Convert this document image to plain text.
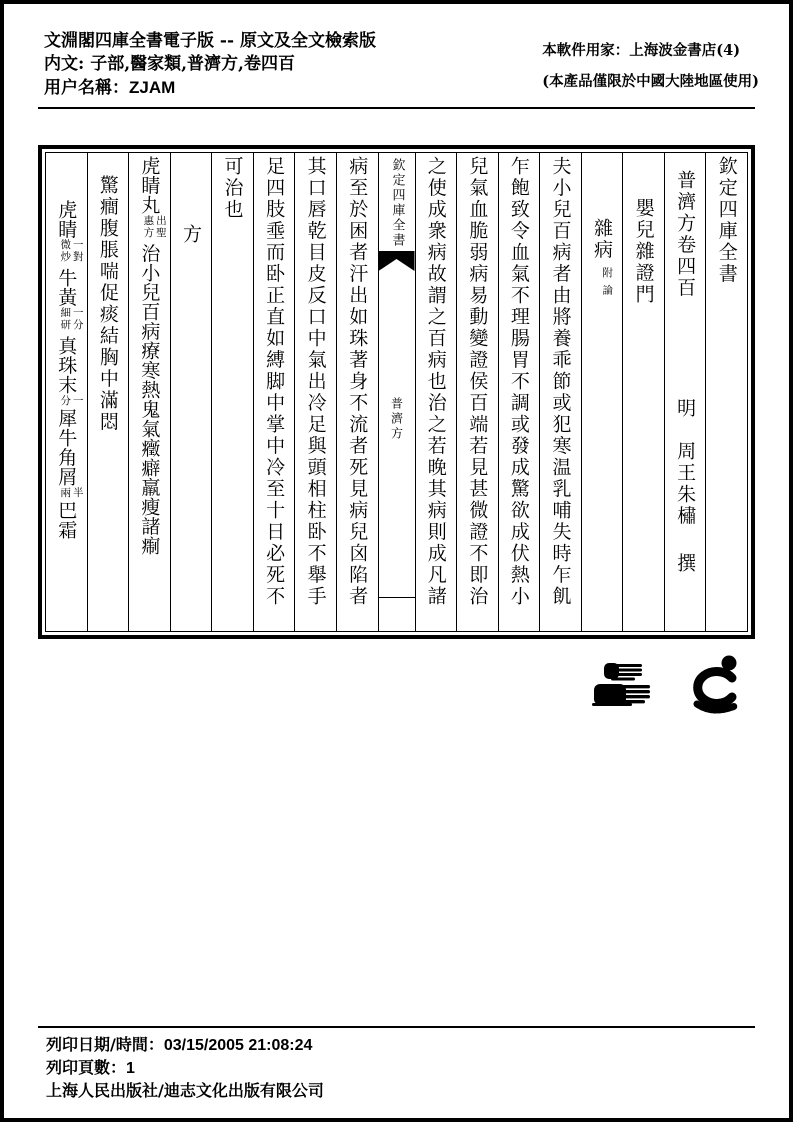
文淵閣四庫全書電子版 -- 原文及全文檢索版
内文: 子部,醫家類,普濟方,卷四百
用户名稱：ZJAM
本軟件用家：上海波金書店(4)
(本產品僅限於中國大陸地區使用)
欽定四庫全書
普濟方卷四百明周王朱橚撰
嬰兒雜證門
雜病附論
夫小兒百病者由將養乖節或犯寒温乳哺失時乍飢
乍飽致令血氣不理腸胃不調或發成驚欲成伏熱小
兒氣血脆弱病易動變證侯百端若見甚微證不即治
之使成衆病故謂之百病也治之若晚其病則成凡諸
欽定四庫全書
普濟方
病至於困者汗出如珠著身不流者死見病兒囟陷者
其口唇乾目皮反口中氣出冷足與頭相柱卧不舉手
足四肢埀而卧正直如縛脚中掌中冷至十日必死不
可治也
方
虎睛丸出聖惠方治小兒百病療寒熱鬼氣癥癖羸瘦諸痸
驚癎腹脹喘促痰結胸中滿悶
虎睛一對微炒牛黃一分細研真珠末一分犀牛角屑半兩巴霜
列印日期/時間：03/15/2005 21:08:24
列印頁數：1
上海人民出版社/迪志文化出版有限公司
